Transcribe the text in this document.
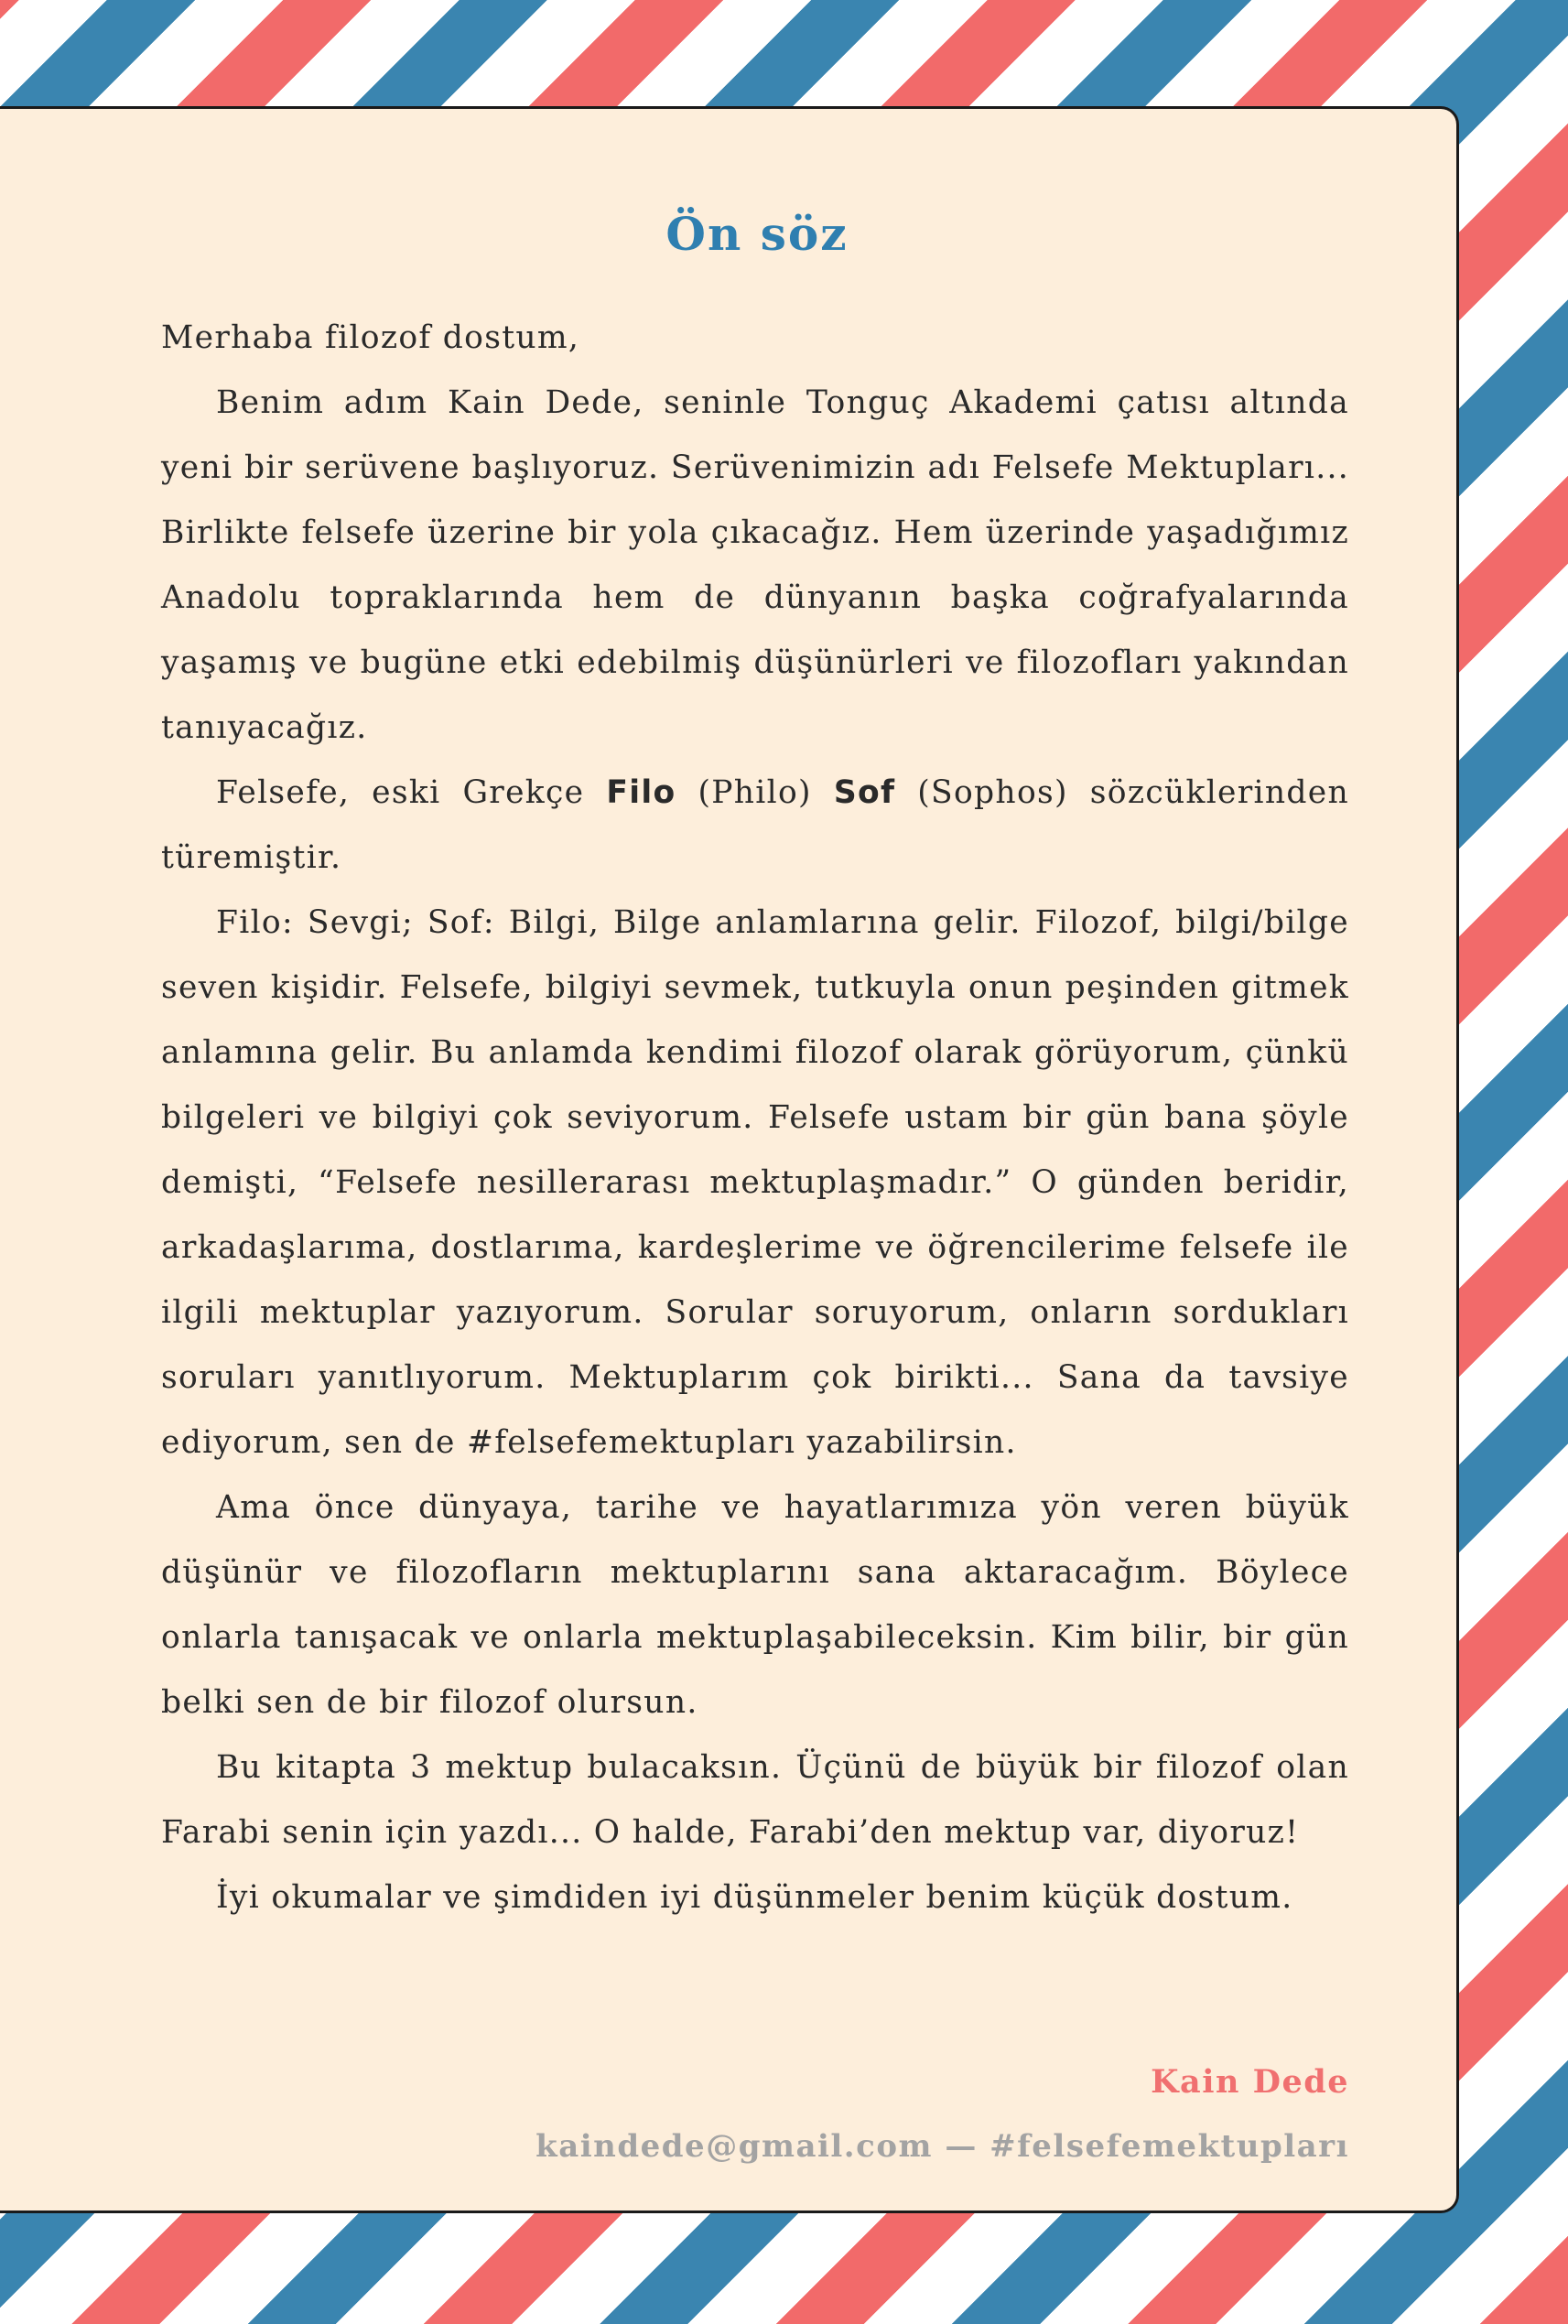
Ön söz

Merhaba filozof dostum,

Benim adım Kain Dede, seninle Tonguç Akademi çatısı altında yeni bir serüvene başlıyoruz. Serüvenimizin adı Felsefe Mektupları... Birlikte felsefe üzerine bir yola çıkacağız. Hem üzerinde yaşadığımız Anadolu topraklarında hem de dünyanın başka coğrafyalarında yaşamış ve bugüne etki edebilmiş düşünürleri ve filozofları yakından tanıyacağız.

Felsefe, eski Grekçe Filo (Philo) Sof (Sophos) sözcüklerinden türemiştir.

Filo: Sevgi; Sof: Bilgi, Bilge anlamlarına gelir. Filozof, bilgi/bilge seven kişidir. Felsefe, bilgiyi sevmek, tutkuyla onun peşinden gitmek anlamına gelir. Bu anlamda kendimi filozof olarak görüyorum, çünkü bilgeleri ve bilgiyi çok seviyorum. Felsefe ustam bir gün bana şöyle demişti, “Felsefe nesillerarası mektuplaşmadır.” O günden beridir, arkadaşlarıma, dostlarıma, kardeşlerime ve öğrencilerime felsefe ile ilgili mektuplar yazıyorum. Sorular soruyorum, onların sordukları soruları yanıtlıyorum. Mektuplarım çok birikti... Sana da tavsiye ediyorum, sen de #felsefemektupları yazabilirsin.

Ama önce dünyaya, tarihe ve hayatlarımıza yön veren büyük düşünür ve filozofların mektuplarını sana aktaracağım. Böylece onlarla tanışacak ve onlarla mektuplaşabileceksin. Kim bilir, bir gün belki sen de bir filozof olursun.

Bu kitapta 3 mektup bulacaksın. Üçünü de büyük bir filozof olan Farabi senin için yazdı... O halde, Farabi’den mektup var, diyoruz!

İyi okumalar ve şimdiden iyi düşünmeler benim küçük dostum.

Kain Dede
kaindede@gmail.com — #felsefemektupları
